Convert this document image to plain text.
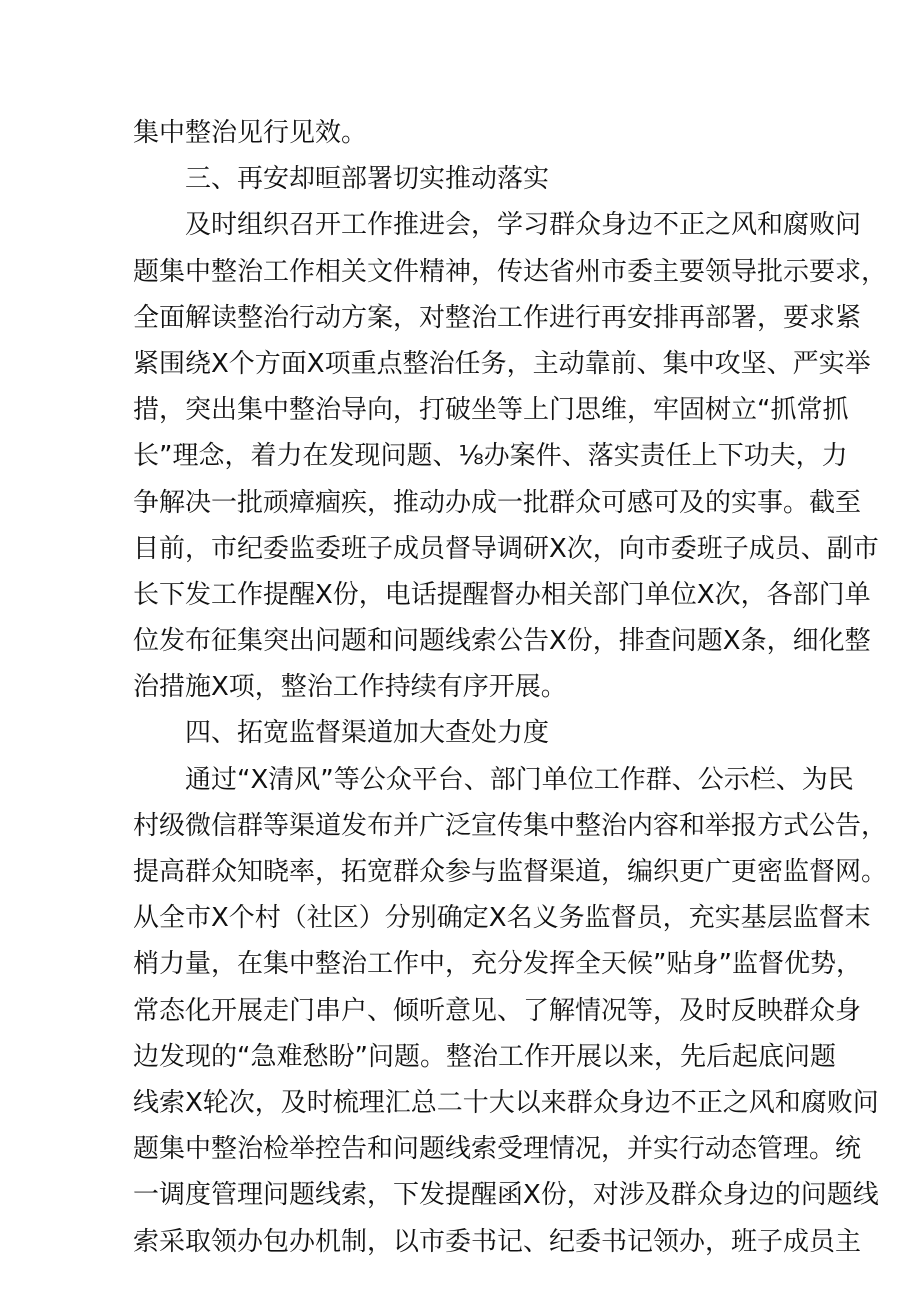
集中整治见行见效。
三、再安却晅部署切实推动落实
及时组织召开工作推进会，学习群众身边不正之风和腐败问
题集中整治工作相关文件精神，传达省州市委主要领导批示要求，
全面解读整治行动方案，对整治工作进行再安排再部署，要求紧
紧围绕X个方面X项重点整治任务，主动靠前、集中攻坚、严实举
措，突出集中整治导向，打破坐等上门思维，牢固树立“抓常抓
长”理念，着力在发现问题、⅛办案件、落实责任上下功夫，力
争解决一批顽瘴痼疾，推动办成一批群众可感可及的实事。截至
目前，市纪委监委班子成员督导调研X次，向市委班子成员、副市
长下发工作提醒X份，电话提醒督办相关部门单位X次，各部门单
位发布征集突出问题和问题线索公告X份，排查问题X条，细化整
治措施X项，整治工作持续有序开展。
四、拓宽监督渠道加大查处力度
通过“X清风”等公众平台、部门单位工作群、公示栏、为民
村级微信群等渠道发布并广泛宣传集中整治内容和举报方式公告，
提高群众知晓率，拓宽群众参与监督渠道，编织更广更密监督网。
从全市X个村（社区）分别确定X名义务监督员，充实基层监督末
梢力量，在集中整治工作中，充分发挥全天候”贴身”监督优势，
常态化开展走门串户、倾听意见、了解情况等，及时反映群众身
边发现的“急难愁盼”问题。整治工作开展以来，先后起底问题
线索X轮次，及时梳理汇总二十大以来群众身边不正之风和腐败问
题集中整治检举控告和问题线索受理情况，并实行动态管理。统
一调度管理问题线索，下发提醒函X份，对涉及群众身边的问题线
索采取领办包办机制，以市委书记、纪委书记领办，班子成员主
